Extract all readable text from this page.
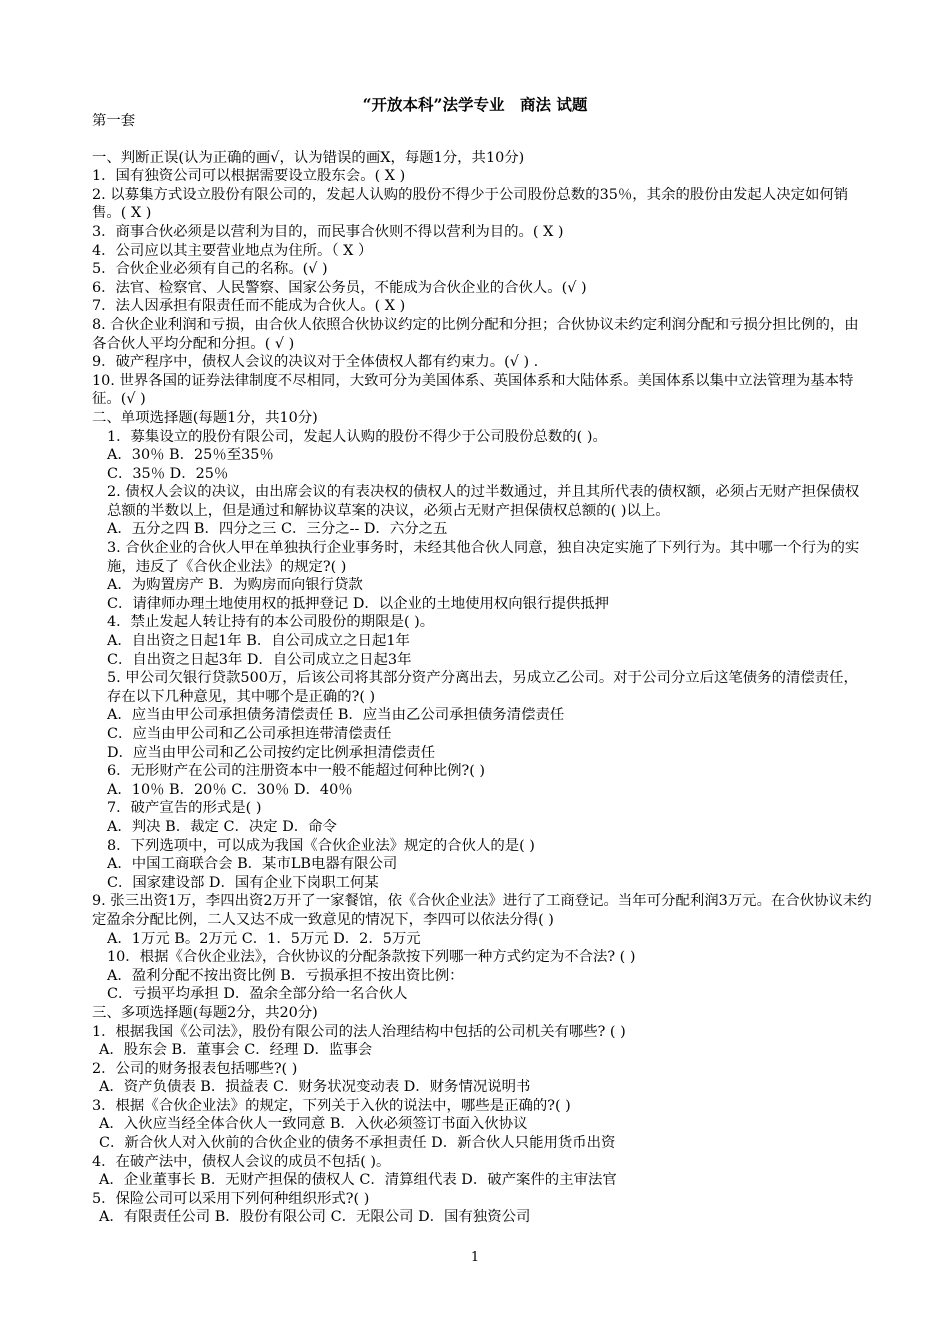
“开放本科”法学专业　商法 试题
第一套
一、判断正误(认为正确的画√，认为错误的画X，每题1分，共10分)
1．国有独资公司可以根据需要设立股东会。( X )
2. 以募集方式设立股份有限公司的，发起人认购的股份不得少于公司股份总数的35％，其余的股份由发起人决定如何销售。( X )
3．商事合伙必须是以营利为目的，而民事合伙则不得以营利为目的。( X )
4．公司应以其主要营业地点为住所。（ X ）
5．合伙企业必须有自己的名称。(√ )
6．法官、检察官、人民警察、国家公务员，不能成为合伙企业的合伙人。(√ )
7．法人因承担有限责任而不能成为合伙人。( X )
8. 合伙企业利润和亏损，由合伙人依照合伙协议约定的比例分配和分担；合伙协议未约定利润分配和亏损分担比例的，由各合伙人平均分配和分担。( √ )
9．破产程序中，债权人会议的决议对于全体债权人都有约束力。(√ ) .
10. 世界各国的证券法律制度不尽相同，大致可分为美国体系、英国体系和大陆体系。美国体系以集中立法管理为基本特征。(√ )
二、单项选择题(每题1分，共10分)
1．募集设立的股份有限公司，发起人认购的股份不得少于公司股份总数的( )。
A．30％ B．25％至35％
C．35％ D．25％
2. 债权人会议的决议，由出席会议的有表决权的债权人的过半数通过，并且其所代表的债权额，必须占无财产担保债权总额的半数以上，但是通过和解协议草案的决议，必须占无财产担保债权总额的( )以上。
A．五分之四 B．四分之三 C．三分之-- D．六分之五
3. 合伙企业的合伙人甲在单独执行企业事务时，未经其他合伙人同意，独自决定实施了下列行为。其中哪一个行为的实施，违反了《合伙企业法》的规定?( )
A．为购置房产 B．为购房而向银行贷款
C．请律师办理土地使用权的抵押登记 D．以企业的土地使用权向银行提供抵押
4．禁止发起人转让持有的本公司股份的期限是( )。
A．自出资之日起1年 B．自公司成立之日起1年
C．自出资之日起3年 D．自公司成立之日起3年
5. 甲公司欠银行贷款500万，后该公司将其部分资产分离出去，另成立乙公司。对于公司分立后这笔债务的清偿责任，存在以下几种意见，其中哪个是正确的?( )
A．应当由甲公司承担债务清偿责任 B．应当由乙公司承担债务清偿责任
C．应当由甲公司和乙公司承担连带清偿责任
D．应当由甲公司和乙公司按约定比例承担清偿责任
6．无形财产在公司的注册资本中一般不能超过何种比例?( )
A．10％ B．20％ C．30％ D．40％
7．破产宣告的形式是( )
A．判决 B．裁定 C．决定 D．命令
8．下列选项中，可以成为我国《合伙企业法》规定的合伙人的是( )
A．中国工商联合会 B．某市LB电器有限公司
C．国家建设部 D．国有企业下岗职工何某
9. 张三出资1万，李四出资2万开了一家餐馆，依《合伙企业法》进行了工商登记。当年可分配利润3万元。在合伙协议未约定盈余分配比例，二人又达不成一致意见的情况下，李四可以依法分得( )
A．1万元 B。2万元 C．1．5万元 D．2．5万元
10．根据《合伙企业法》，合伙协议的分配条款按下列哪一种方式约定为不合法? ( )
A．盈利分配不按出资比例 B．亏损承担不按出资比例：
C．亏损平均承担 D．盈余全部分给一名合伙人
三、多项选择题(每题2分，共20分)
1．根据我国《公司法》，股份有限公司的法人治理结构中包括的公司机关有哪些? ( )
A．股东会 B．董事会 C．经理 D．监事会
2．公司的财务报表包括哪些?( )
A．资产负债表 B．损益表 C．财务状况变动表 D．财务情况说明书
3．根据《合伙企业法》的规定，下列关于入伙的说法中，哪些是正确的?( )
A．入伙应当经全体合伙人一致同意 B．入伙必须签订书面入伙协议
C．新合伙人对入伙前的合伙企业的债务不承担责任 D．新合伙人只能用货币出资
4．在破产法中，债权人会议的成员不包括( )。
A．企业董事长 B．无财产担保的债权人 C．清算组代表 D．破产案件的主审法官
5．保险公司可以采用下列何种组织形式?( )
A．有限责任公司 B．股份有限公司 C．无限公司 D．国有独资公司
1
